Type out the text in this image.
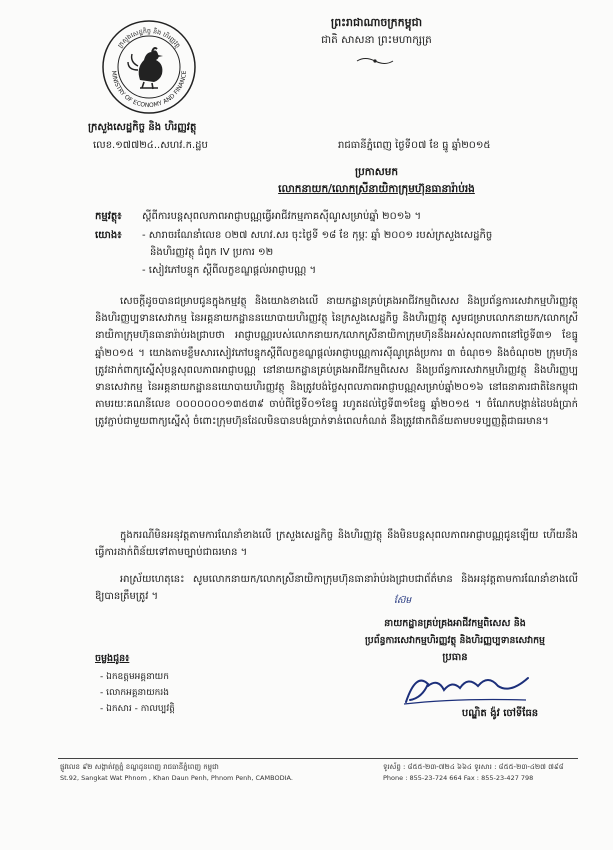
ព្រះរាជាណាចក្រកម្ពុជា
ជាតិ សាសនា ព្រះមហាក្សត្រ
ក្រសួងសេដ្ឋកិច្ច និង ហិរញ្ញវត្ថុ
MINISTRY OF ECONOMY AND FINANCE
ក្រសួងសេដ្ឋកិច្ច និង ហិរញ្ញវត្ថុ
លេខ.១៧៧២៤..សហវ.ក.ដ្ឋប	រាជធានីភ្នំពេញ ថ្ងៃទី០៧ ខែ ធ្នូ ឆ្នាំ២០១៥
ប្រកាសមក
លោកនាយក/លោកស្រីនាយិកាក្រុមហ៊ុនធានារ៉ាប់រង
កម្មវត្ថុ៖ ស្តីពីការបន្តសុពលភាពអាជ្ញាបណ្ណធ្វើអាជីវកម្មភាគស៊ីណូសម្រាប់ឆ្នាំ ២០១៦ ។
យោង៖ - សារាចរណែនាំលេខ ០២៧ សហវ.សរ ចុះថ្ងៃទី ១៨ ខែ កុម្ភៈ ឆ្នាំ ២០០១ របស់ក្រសួងសេដ្ឋកិច្ច
និងហិរញ្ញវត្ថុ ជំពូក IV ប្រការ ១២
- សៀវភៅបន្ទុក ស្តីពីលក្ខខណ្ឌផ្តល់អាជ្ញាបណ្ណ ។
សេចក្តីដូចបានជម្រាបជូនក្នុងកម្មវត្ថុ និងយោងខាងលើ នាយកដ្ឋានគ្រប់គ្រងអាជីវកម្មពិសេស និងប្រព័ន្ធការសេវាកម្មហិរញ្ញវត្ថុ និងហិរញ្ញប្បទានសេវាកម្ម នៃអគ្គនាយកដ្ឋាននយោបាយហិរញ្ញវត្ថុ នៃក្រសួងសេដ្ឋកិច្ច និងហិរញ្ញវត្ថុ សូមជម្រាបលោកនាយក/លោកស្រីនាយិកាក្រុមហ៊ុនធានារ៉ាប់រងជ្រាបថា អាជ្ញាបណ្ណរបស់លោកនាយក/លោកស្រីនាយិកាក្រុមហ៊ុននឹងអស់សុពលភាពនៅថ្ងៃទី៣១ ខែធ្នូ ឆ្នាំ២០១៥ ។ យោងតាមខ្លឹមសារសៀវភៅបន្ទុកស្តីពីលក្ខខណ្ឌផ្តល់អាជ្ញាបណ្ណការស៊ីណូត្រង់ប្រការ ៣ ចំណុច១ និងចំណុច២ ក្រុមហ៊ុនត្រូវដាក់ពាក្យស្នើសុំបន្តសុពលភាពអាជ្ញាបណ្ណ នៅនាយកដ្ឋានគ្រប់គ្រងអាជីវកម្មពិសេស និងប្រព័ន្ធការសេវាកម្មហិរញ្ញវត្ថុ និងហិរញ្ញប្បទានសេវាកម្ម នៃអគ្គនាយកដ្ឋាននយោបាយហិរញ្ញវត្ថុ និងត្រូវបង់ថ្លៃសុពលភាពអាជ្ញាបណ្ណសម្រាប់ឆ្នាំ២០១៦ នៅធនាគារជាតិនៃកម្ពុជា តាមរយៈគណនីលេខ ០០០០០០០១៣៥៣៩ ចាប់ពីថ្ងៃទី០១ខែធ្នូ រហូតដល់ថ្ងៃទី៣១ខែធ្នូ ឆ្នាំ២០១៥ ។ ចំណែកបង្កាន់ដៃបង់ប្រាក់ត្រូវភ្ជាប់ជាមួយពាក្យស្នើសុំ ចំពោះក្រុមហ៊ុនដែលមិនបានបង់ប្រាក់ទាន់ពេលកំណត់ នឹងត្រូវផាកពិន័យតាមបទប្បញ្ញត្តិជាធរមាន។
ក្នុងករណីមិនអនុវត្តតាមការណែនាំខាងលើ ក្រសួងសេដ្ឋកិច្ច និងហិរញ្ញវត្ថុ នឹងមិនបន្តសុពលភាពអាជ្ញាបណ្ណជូនឡើយ ហើយនឹងធ្វើការដាក់ពិន័យទៅតាមច្បាប់ជាធរមាន ។
អាស្រ័យហេតុនេះ សូមលោកនាយក/លោកស្រីនាយិកាក្រុមហ៊ុនធានារ៉ាប់រងជ្រាបជាព័ត៌មាន និងអនុវត្តតាមការណែនាំខាងលើ ឱ្យបានត្រឹមត្រូវ ។	ស៊ែម
នាយកដ្ឋានគ្រប់គ្រងអាជីវកម្មពិសេស និង
ប្រព័ន្ធការសេវាកម្មហិរញ្ញវត្ថុ និងហិរញ្ញប្បទានសេវាកម្ម
ប្រធាន
បណ្ឌិត ង៉ូវ ចៅទីធែន
ចម្លងជូន៖
- ឯកឧត្តមអគ្គនាយក
- លោកអគ្គនាយករង
- ឯកសារ - កាលប្បវត្តិ
ផ្លូវលេខ ៩២ សង្កាត់វត្តភ្នំ ខណ្ឌដូនពេញ រាជធានីភ្នំពេញ កម្ពុជា
St.92, Sangkat Wat Phnom , Khan Daun Penh, Phnom Penh, CAMBODIA.
ទូរស័ព្ទ : ៨៥៥-២៣-៧២៤ ៦៦៤ ទូរសារ : ៨៥៥-២៣-៤២៧ ៧៩៨
Phone : 855-23-724 664 Fax : 855-23-427 798
